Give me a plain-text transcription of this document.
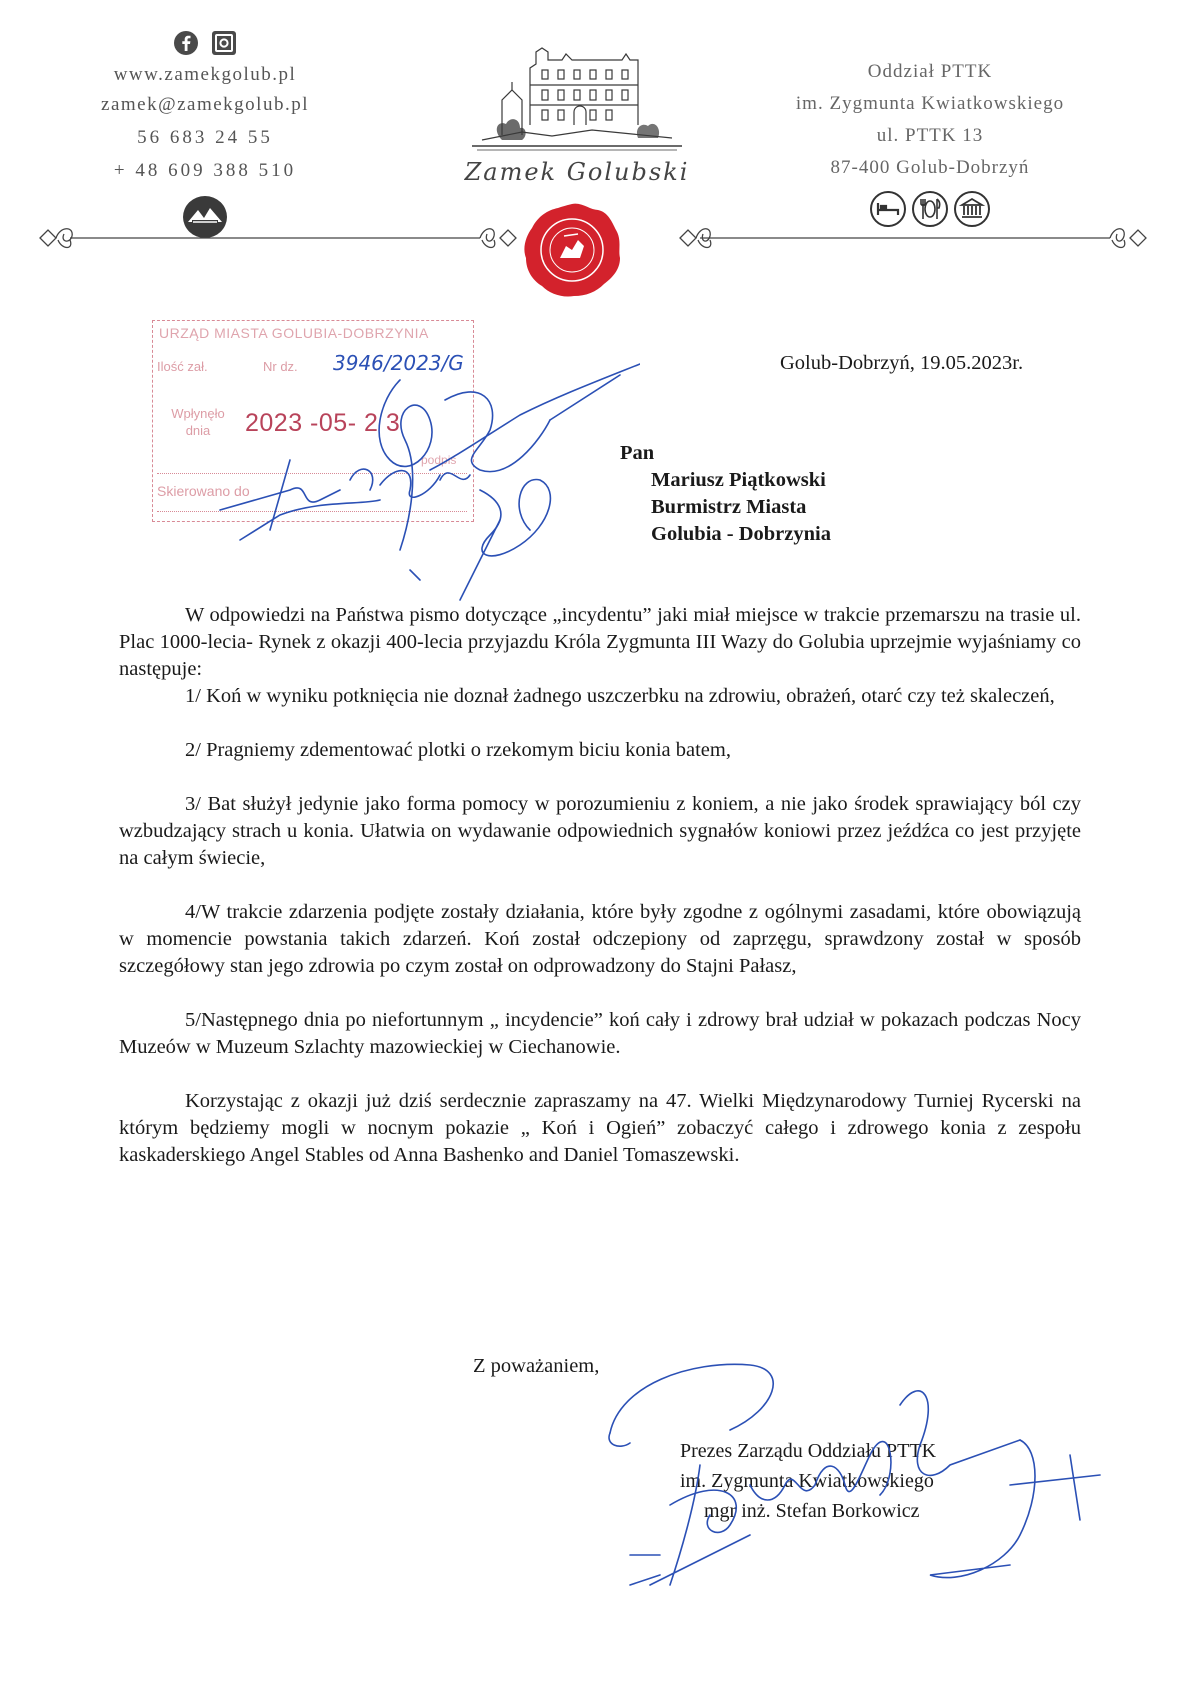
www.zamekgolub.pl
zamek@zamekgolub.pl
56 683 24 55
+ 48 609 388 510	Zamek Golubski
Oddział PTTK
im. Zygmunta Kwiatkowskiego
ul. PTTK 13
87-400 Golub-Dobrzyń

URZĄD MIASTA GOLUBIA-DOBRZYNIA
Ilość zał.	Nr dz. 3946/2023/G
Wpłynęło dnia	2023 -05- 2 3
podpis
Skierowano do
Golub-Dobrzyń, 19.05.2023r.
Pan
Mariusz Piątkowski
Burmistrz Miasta
Golubia - Dobrzynia

W odpowiedzi na Państwa pismo dotyczące „incydentu” jaki miał miejsce w trakcie przemarszu na trasie ul. Plac 1000-lecia- Rynek z okazji 400-lecia przyjazdu Króla Zygmunta III Wazy do Golubia uprzejmie wyjaśniamy co następuje:

1/ Koń w wyniku potknięcia nie doznał żadnego uszczerbku na zdrowiu, obrażeń, otarć czy też skaleczeń,

2/ Pragniemy zdementować plotki o rzekomym biciu konia batem,

3/ Bat służył jedynie jako forma pomocy w porozumieniu z koniem, a nie jako środek sprawiający ból czy wzbudzający strach u konia. Ułatwia on wydawanie odpowiednich sygnałów koniowi przez jeźdźca co jest przyjęte na całym świecie,

4/W trakcie zdarzenia podjęte zostały działania, które były zgodne z ogólnymi zasadami, które obowiązują w momencie powstania takich zdarzeń. Koń został odczepiony od zaprzęgu, sprawdzony został w sposób szczegółowy stan jego zdrowia po czym został on odprowadzony do Stajni Pałasz,

5/Następnego dnia po niefortunnym „ incydencie” koń cały i zdrowy brał udział w pokazach podczas Nocy Muzeów w Muzeum Szlachty mazowieckiej w Ciechanowie.

Korzystając z okazji już dziś serdecznie zapraszamy na 47. Wielki Międzynarodowy Turniej Rycerski na którym będziemy mogli w nocnym pokazie „ Koń i Ogień” zobaczyć całego i zdrowego konia z zespołu kaskaderskiego Angel Stables od Anna Bashenko and Daniel Tomaszewski.

Z poważaniem,
Prezes Zarządu Oddziału PTTK
im. Zygmunta Kwiatkowskiego
mgr inż. Stefan Borkowicz
